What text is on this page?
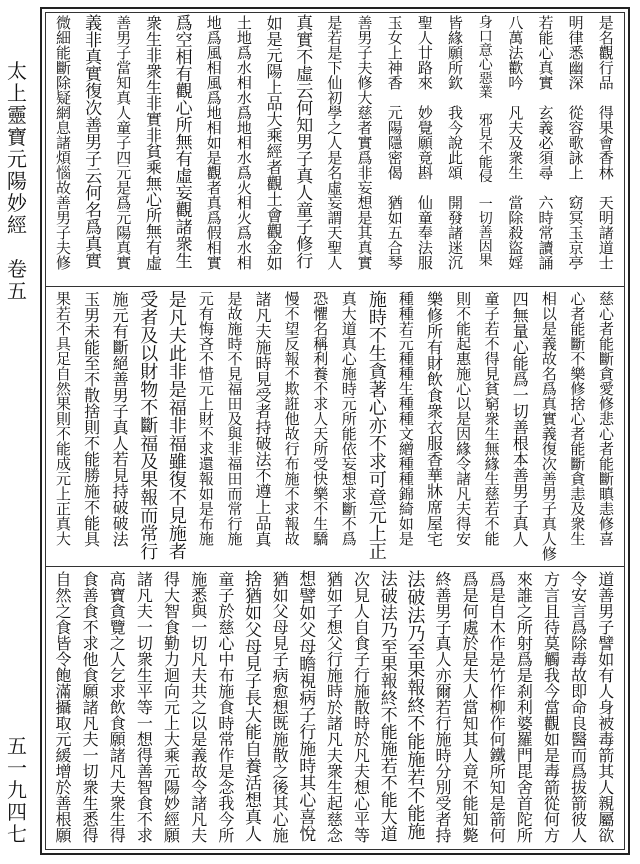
太
上
靈
寶
元
陽
妙
經

卷
五
五
一
九
四
七
是
名
觀
行
品

得
果
會
香
林

天
明
諸
道
士
明
律
悉
幽
深

從
容
歌
詠
上

窈
冥
玉
京
亭
若
能
心
真
實

玄
義
必
須
尋

六
時
常
讀
誦
八
萬
法
歡
吟

凡
夫
及
衆
生

當
除
殺
盜
婬
身
口
意
心
惡
業

邪
見
不
能
侵

一
切
善
因
果
皆
緣
願
所
欽

我
今
說
此
頌

開
發
諸
迷
沉
聖
人
廿
路
來

妙
覺
願
竟
斟

仙
童
奉
法
服
玉
女
上
神
香

元
陽
隱
密
偈

猶
如
五
合
琴
善
男
子
夫
修
大
慈
者
實
爲
非
妄
想
是
其
真
實
是
若
是
下
仙
初
學
之
人
是
名
虛
妄
謂
天
聖
人
真
實
不
虛
云
何
知
男
子
真
人
童
子
修
行
如
是
元
陽
上
品
大
乘
經
者
觀
土
會
觀
金
如
土
地
爲
水
相
水
爲
地
相
水
爲
火
相
火
爲
水
相
地
爲
風
相
風
爲
地
相
如
是
觀
者
真
爲
假
相
實
爲
空
相
有
觀
心
所
無
有
虛
妄
觀
諸
衆
生
衆
生
非
衆
生
非
實
非
貧
乘
無
心
所
無
有
虛
善
男
子
當
知
真
人
童
子
四
元
是
爲
元
陽
真
實
義
非
真
實
復
次
善
男
子
云
何
名
爲
真
實
微
細
能
斷
除
疑
網
息
諸
煩
惱
故
善
男
子
夫
修
慈
心
者
能
斷
貪
愛
修
悲
心
者
能
斷
瞋
恚
修
喜
心
者
能
斷
不
樂
修
捨
心
者
能
斷
貪
恚
及
衆
生
相
以
是
義
故
名
爲
真
實
義
復
次
善
男
子
真
人
修
四
無
量
心
能
爲
一
切
善
根
本
善
男
子
真
人
童
子
若
不
得
見
貧
窮
衆
生
無
緣
生
慈
若
不
能
則
不
能
起
惠
施
心
以
是
因
緣
令
諸
凡
夫
得
安
樂
修
所
有
財
飲
食
衆
衣
服
香
華
牀
席
屋
宅
種
種
若
元
種
種
生
種
種
文
繒
種
種
錦
綺
如
是
施
時
不
生
貪
著
心
亦
不
求
可
意
元
上
正
真
大
道
真
心
施
時
元
所
能
依
妄
想
求
斷
不
爲
恐
懼
名
稱
利
養
不
求
人
天
所
受
快
樂
不
生
驕
慢
不
望
反
報
不
欺
誑
他
故
行
布
施
不
求
報
故
諸
凡
夫
施
時
見
受
者
持
破
法
不
遵
上
品
真
是
故
施
時
不
見
福
田
及
與
非
福
田
而
常
行
施
元
有
悔
吝
不
惜
元
上
財
不
求
還
報
如
是
布
施
是
凡
夫
此
非
是
福
非
福
雖
復
不
見
施
者
受
者
及
以
財
物
不
斷
福
及
果
報
而
常
行
施
元
有
斷
絕
善
男
子
真
人
若
見
持
破
破
法
玉
男
未
能
至
不
散
捨
則
不
能
勝
施
不
能
具
果
若
不
具
足
自
然
果
則
不
能
成
元
上
正
真
大
道
善
男
子
譬
如
有
人
身
被
毒
箭
其
人
親
屬
欲
令
安
言
爲
除
毒
故
即
命
良
醫
而
爲
拔
箭
彼
人
方
言
且
待
莫
觸
我
今
當
觀
如
是
毒
箭
從
何
方
來
誰
之
所
射
爲
是
刹
利
婆
羅
門
毘
舍
首
陀
所
爲
是
自
木
作
是
竹
作
柳
作
何
鐵
所
知
是
箭
何
爲
是
何
處
於
是
夫
人
當
知
其
人
竟
不
能
知
斃
終
善
男
子
真
人
亦
爾
若
行
施
時
分
別
受
者
持
法
破
法
乃
至
果
報
終
不
能
施
若
不
能
施
法
破
法
乃
至
果
報
終
不
能
施
若
不
能
大
道
次
見
人
自
食
子
行
施
散
時
於
凡
夫
想
心
平
等
猶
如
子
想
父
行
施
時
於
諸
凡
夫
衆
生
起
慈
念
想
譬
如
父
母
瞻
視
病
子
行
施
時
其
心
喜
悅
猶
如
父
母
見
子
病
愈
想
既
施
散
之
後
其
心
施
捨
猶
如
父
母
見
子
長
大
能
自
養
活
想
真
人
童
子
於
慈
心
中
布
施
食
時
常
作
是
念
我
今
所
施
悉
與
一
切
凡
夫
共
之
以
是
義
故
令
諸
凡
夫
得
大
智
食
勤
力
迴
向
元
上
大
乘
元
陽
妙
經
願
諸
凡
夫
一
切
衆
生
平
等
一
想
得
善
智
食
不
求
高
寶
貪
覽
之
人
乞
求
飲
食
願
諸
凡
夫
衆
生
得
食
善
食
不
求
他
食
願
諸
凡
夫
一
切
衆
生
悉
得
自
然
之
食
皆
令
飽
滿
攝
取
元
緩
增
於
善
根
願
